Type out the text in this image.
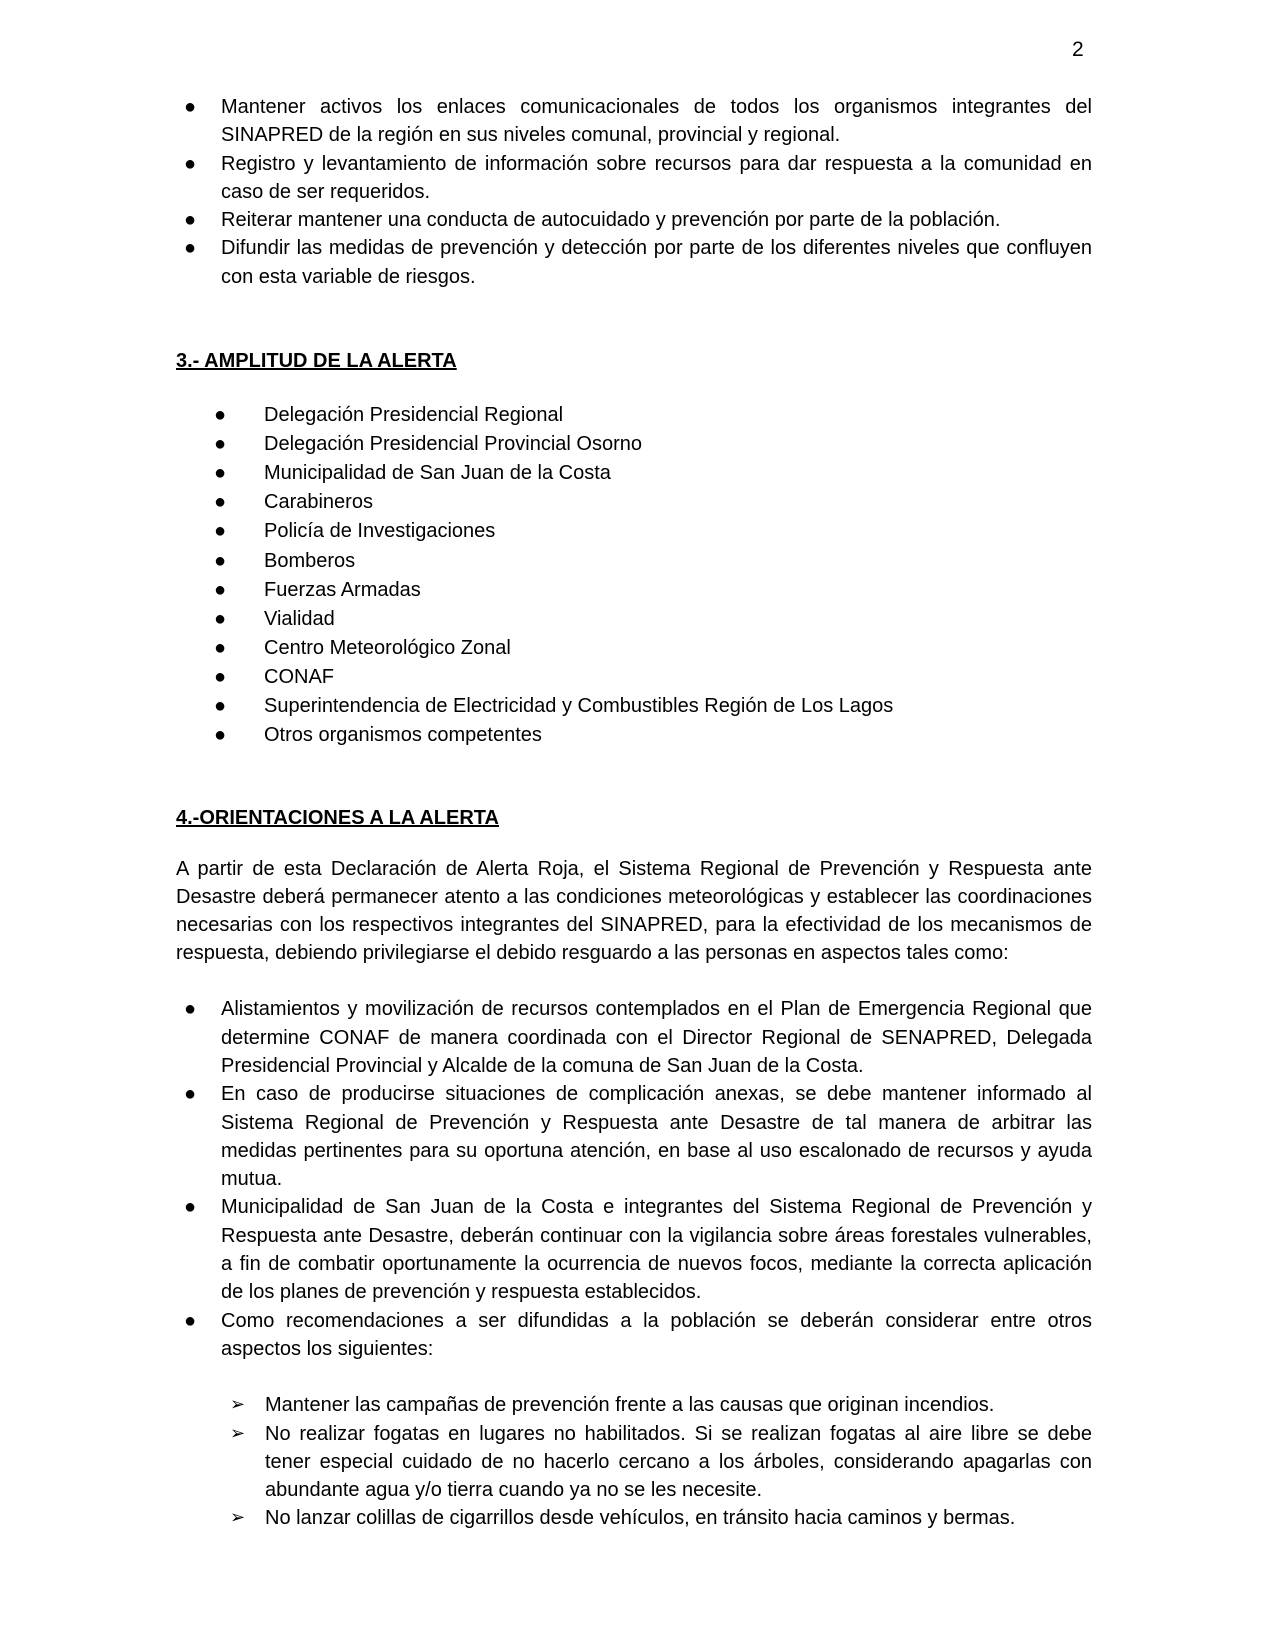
2
● Mantener activos los enlaces comunicacionales de todos los organismos integrantes del SINAPRED de la región en sus niveles comunal, provincial y regional.
● Registro y levantamiento de información sobre recursos para dar respuesta a la comunidad en caso de ser requeridos.
● Reiterar mantener una conducta de autocuidado y prevención por parte de la población.
● Difundir las medidas de prevención y detección por parte de los diferentes niveles que confluyen con esta variable de riesgos.

3.- AMPLITUD DE LA ALERTA

● Delegación Presidencial Regional
● Delegación Presidencial Provincial Osorno
● Municipalidad de San Juan de la Costa
● Carabineros
● Policía de Investigaciones
● Bomberos
● Fuerzas Armadas
● Vialidad
● Centro Meteorológico Zonal
● CONAF
● Superintendencia de Electricidad y Combustibles Región de Los Lagos
● Otros organismos competentes

4.-ORIENTACIONES A LA ALERTA

A partir de esta Declaración de Alerta Roja, el Sistema Regional de Prevención y Respuesta ante Desastre deberá permanecer atento a las condiciones meteorológicas y establecer las coordinaciones necesarias con los respectivos integrantes del SINAPRED, para la efectividad de los mecanismos de respuesta, debiendo privilegiarse el debido resguardo a las personas en aspectos tales como:

● Alistamientos y movilización de recursos contemplados en el Plan de Emergencia Regional que determine CONAF de manera coordinada con el Director Regional de SENAPRED, Delegada Presidencial Provincial y Alcalde de la comuna de San Juan de la Costa.
● En caso de producirse situaciones de complicación anexas, se debe mantener informado al Sistema Regional de Prevención y Respuesta ante Desastre de tal manera de arbitrar las medidas pertinentes para su oportuna atención, en base al uso escalonado de recursos y ayuda mutua.
● Municipalidad de San Juan de la Costa e integrantes del Sistema Regional de Prevención y Respuesta ante Desastre, deberán continuar con la vigilancia sobre áreas forestales vulnerables, a fin de combatir oportunamente la ocurrencia de nuevos focos, mediante la correcta aplicación de los planes de prevención y respuesta establecidos.
● Como recomendaciones a ser difundidas a la población se deberán considerar entre otros aspectos los siguientes:
➢ Mantener las campañas de prevención frente a las causas que originan incendios.
➢ No realizar fogatas en lugares no habilitados. Si se realizan fogatas al aire libre se debe tener especial cuidado de no hacerlo cercano a los árboles, considerando apagarlas con abundante agua y/o tierra cuando ya no se les necesite.
➢ No lanzar colillas de cigarrillos desde vehículos, en tránsito hacia caminos y bermas.
